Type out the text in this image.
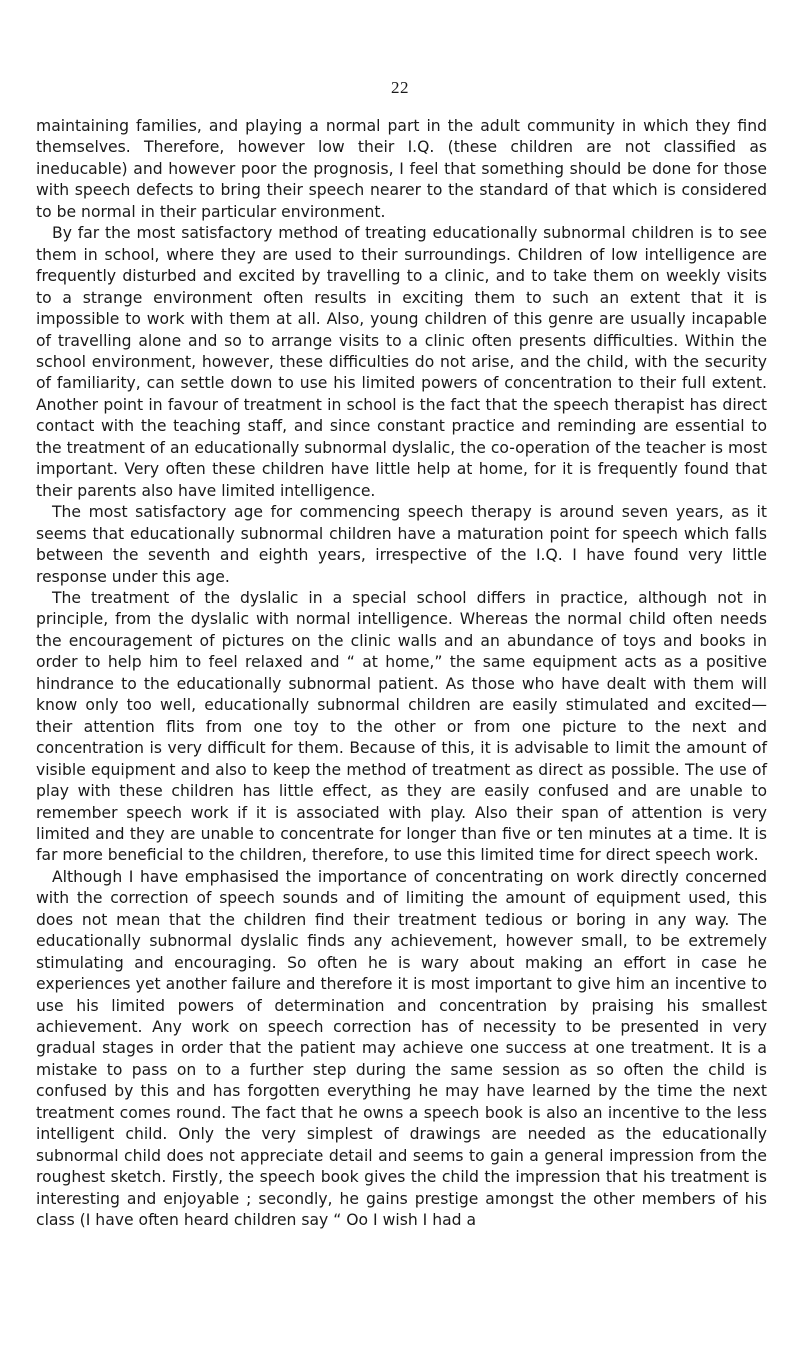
22

maintaining families, and playing a normal part in the adult community in which they find themselves. Therefore, however low their I.Q. (these children are not classified as ineducable) and however poor the prognosis, I feel that something should be done for those with speech defects to bring their speech nearer to the standard of that which is considered to be normal in their particular environment.

By far the most satisfactory method of treating educationally subnormal children is to see them in school, where they are used to their surroundings. Children of low intelligence are frequently disturbed and excited by travelling to a clinic, and to take them on weekly visits to a strange environment often results in exciting them to such an extent that it is impossible to work with them at all. Also, young children of this genre are usually incapable of travelling alone and so to arrange visits to a clinic often presents difficulties. Within the school environment, however, these difficulties do not arise, and the child, with the security of familiarity, can settle down to use his limited powers of concentration to their full extent. Another point in favour of treatment in school is the fact that the speech therapist has direct contact with the teaching staff, and since constant practice and reminding are essential to the treatment of an educationally subnormal dyslalic, the co-operation of the teacher is most important. Very often these children have little help at home, for it is frequently found that their parents also have limited intelligence.

The most satisfactory age for commencing speech therapy is around seven years, as it seems that educationally subnormal children have a maturation point for speech which falls between the seventh and eighth years, irrespective of the I.Q. I have found very little response under this age.

The treatment of the dyslalic in a special school differs in practice, although not in principle, from the dyslalic with normal intelligence. Whereas the normal child often needs the encouragement of pictures on the clinic walls and an abundance of toys and books in order to help him to feel relaxed and “ at home,” the same equipment acts as a positive hindrance to the educationally subnormal patient. As those who have dealt with them will know only too well, educationally subnormal children are easily stimulated and excited—their attention flits from one toy to the other or from one picture to the next and concentration is very difficult for them. Because of this, it is advisable to limit the amount of visible equipment and also to keep the method of treatment as direct as possible. The use of play with these children has little effect, as they are easily confused and are unable to remember speech work if it is associated with play. Also their span of attention is very limited and they are unable to concentrate for longer than five or ten minutes at a time. It is far more beneficial to the children, therefore, to use this limited time for direct speech work.

Although I have emphasised the importance of concentrating on work directly concerned with the correction of speech sounds and of limiting the amount of equipment used, this does not mean that the children find their treatment tedious or boring in any way. The educationally subnormal dyslalic finds any achievement, however small, to be extremely stimulating and encouraging. So often he is wary about making an effort in case he experiences yet another failure and therefore it is most important to give him an incentive to use his limited powers of determination and concentration by praising his smallest achievement. Any work on speech correction has of necessity to be presented in very gradual stages in order that the patient may achieve one success at one treatment. It is a mistake to pass on to a further step during the same session as so often the child is confused by this and has forgotten everything he may have learned by the time the next treatment comes round. The fact that he owns a speech book is also an incentive to the less intelligent child. Only the very simplest of drawings are needed as the educationally subnormal child does not appreciate detail and seems to gain a general impression from the roughest sketch. Firstly, the speech book gives the child the impression that his treatment is interesting and enjoyable ; secondly, he gains prestige amongst the other members of his class (I have often heard children say “ Oo I wish I had a
